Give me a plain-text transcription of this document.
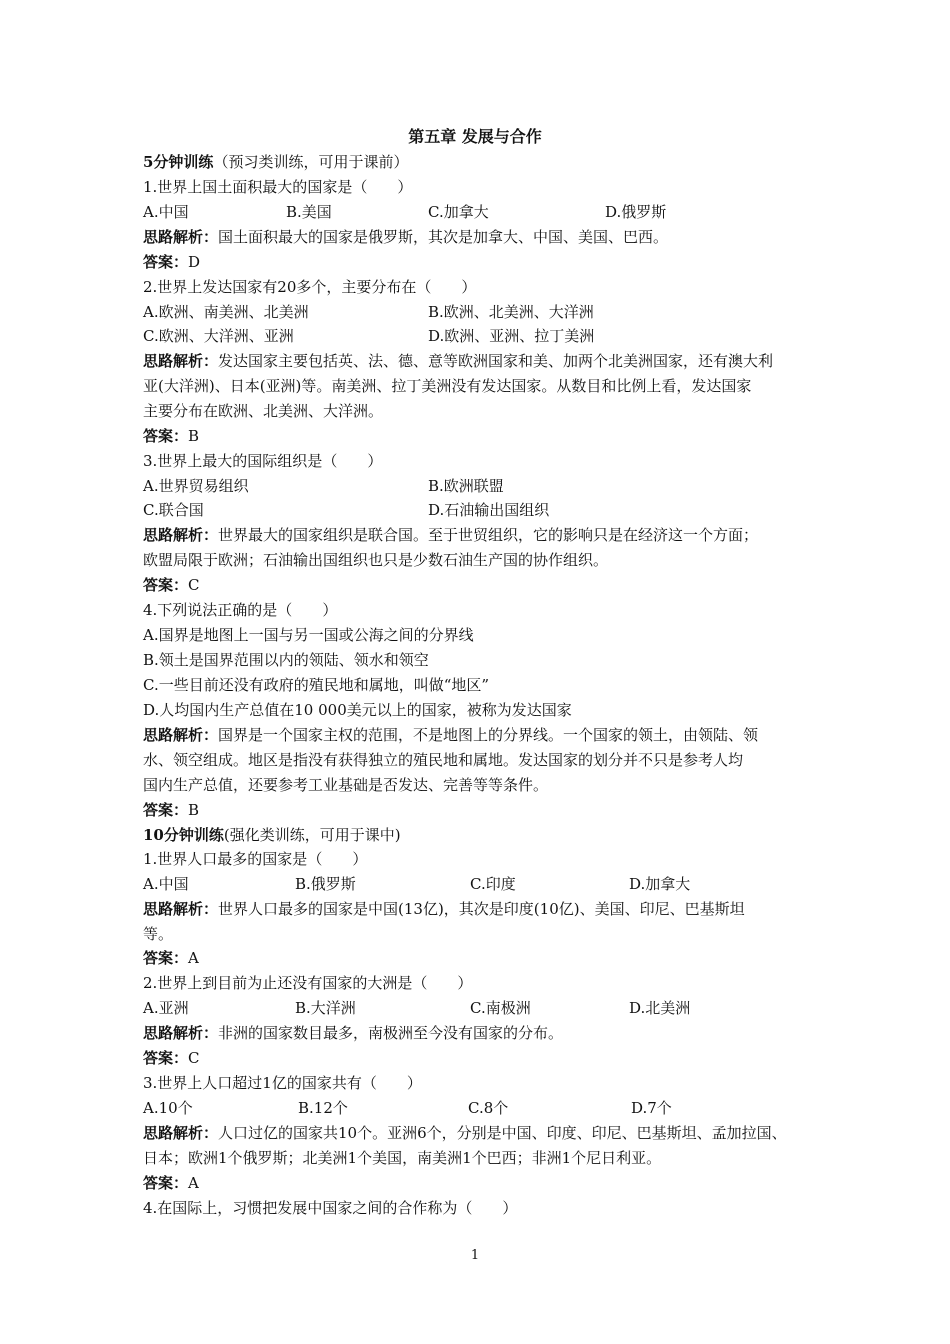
第五章 发展与合作
5分钟训练（预习类训练，可用于课前）
1.世界上国土面积最大的国家是（　　）
A.中国	B.美国	C.加拿大	D.俄罗斯
思路解析：国土面积最大的国家是俄罗斯，其次是加拿大、中国、美国、巴西。
答案：D
2.世界上发达国家有20多个，主要分布在（　　）
A.欧洲、南美洲、北美洲	B.欧洲、北美洲、大洋洲
C.欧洲、大洋洲、亚洲	D.欧洲、亚洲、拉丁美洲
思路解析：发达国家主要包括英、法、德、意等欧洲国家和美、加两个北美洲国家，还有澳大利
亚(大洋洲)、日本(亚洲)等。南美洲、拉丁美洲没有发达国家。从数目和比例上看，发达国家
主要分布在欧洲、北美洲、大洋洲。
答案：B
3.世界上最大的国际组织是（　　）
A.世界贸易组织	B.欧洲联盟
C.联合国	D.石油输出国组织
思路解析：世界最大的国家组织是联合国。至于世贸组织，它的影响只是在经济这一个方面；
欧盟局限于欧洲；石油输出国组织也只是少数石油生产国的协作组织。
答案：C
4.下列说法正确的是（　　）
A.国界是地图上一国与另一国或公海之间的分界线
B.领土是国界范围以内的领陆、领水和领空
C.一些目前还没有政府的殖民地和属地，叫做“地区”
D.人均国内生产总值在10 000美元以上的国家，被称为发达国家
思路解析：国界是一个国家主权的范围，不是地图上的分界线。一个国家的领土，由领陆、领
水、领空组成。地区是指没有获得独立的殖民地和属地。发达国家的划分并不只是参考人均
国内生产总值，还要参考工业基础是否发达、完善等等条件。
答案：B
10分钟训练(强化类训练，可用于课中)
1.世界人口最多的国家是（　　）
A.中国	B.俄罗斯	C.印度	D.加拿大
思路解析：世界人口最多的国家是中国(13亿)，其次是印度(10亿)、美国、印尼、巴基斯坦
等。
答案：A
2.世界上到目前为止还没有国家的大洲是（　　）
A.亚洲	B.大洋洲	C.南极洲	D.北美洲
思路解析：非洲的国家数目最多，南极洲至今没有国家的分布。
答案：C
3.世界上人口超过1亿的国家共有（　　）
A.10个	B.12个	C.8个	D.7个
思路解析：人口过亿的国家共10个。亚洲6个，分别是中国、印度、印尼、巴基斯坦、孟加拉国、
日本；欧洲1个俄罗斯；北美洲1个美国，南美洲1个巴西；非洲1个尼日利亚。
答案：A
4.在国际上，习惯把发展中国家之间的合作称为（　　）
1
